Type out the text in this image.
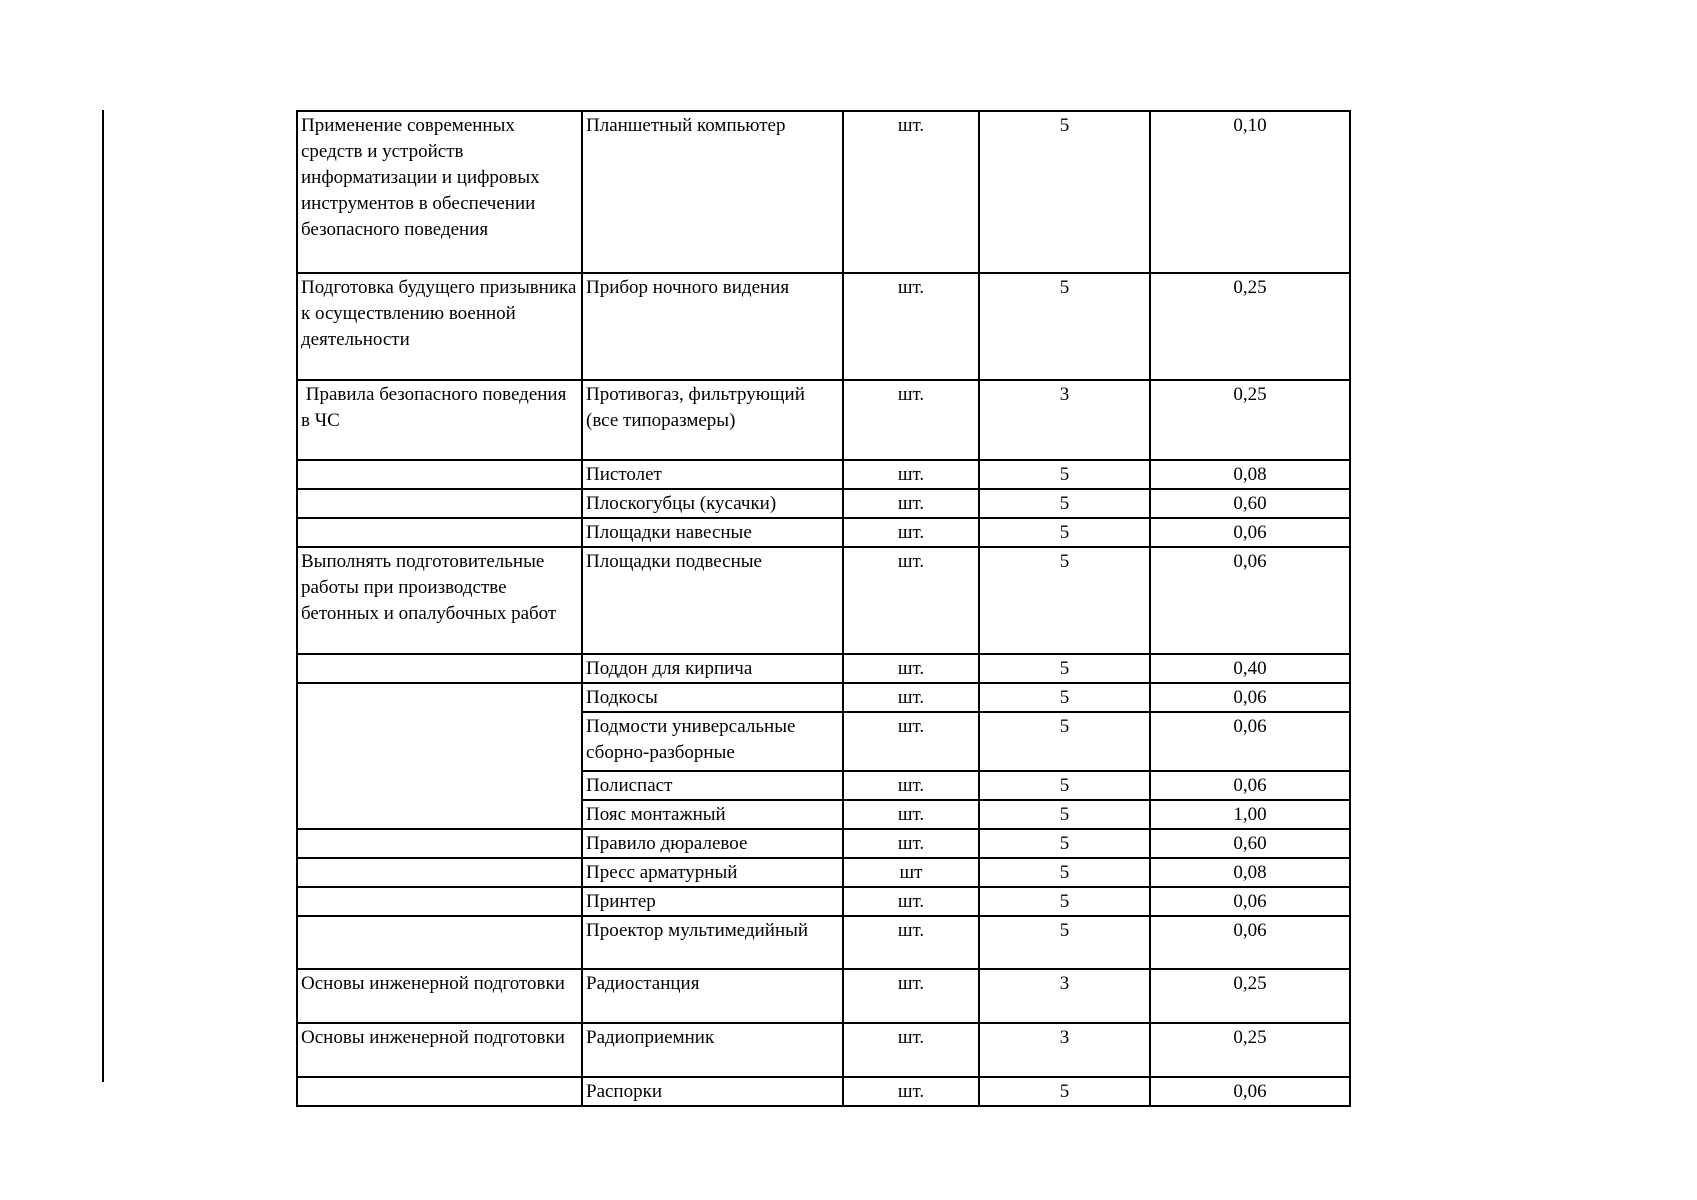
Применение современных средств и устройств информатизации и цифровых инструментов в обеспечении безопасного поведения	Планшетный компьютер	шт.	5	0,10
Подготовка будущего призывника к осуществлению военной деятельности	Прибор ночного видения	шт.	5	0,25
Правила безопасного поведения в ЧС	Противогаз, фильтрующий (все типоразмеры)	шт.	3	0,25
	Пистолет	шт.	5	0,08
	Плоскогубцы (кусачки)	шт.	5	0,60
	Площадки навесные	шт.	5	0,06
Выполнять подготовительные работы при производстве бетонных и опалубочных работ	Площадки подвесные	шт.	5	0,06
	Поддон для кирпича	шт.	5	0,40
	Подкосы	шт.	5	0,06
	Подмости универсальные сборно-разборные	шт.	5	0,06
	Полиспаст	шт.	5	0,06
	Пояс монтажный	шт.	5	1,00
	Правило дюралевое	шт.	5	0,60
	Пресс арматурный	шт	5	0,08
	Принтер	шт.	5	0,06
	Проектор мультимедийный	шт.	5	0,06
Основы инженерной подготовки	Радиостанция	шт.	3	0,25
Основы инженерной подготовки	Радиоприемник	шт.	3	0,25
	Распорки	шт.	5	0,06
